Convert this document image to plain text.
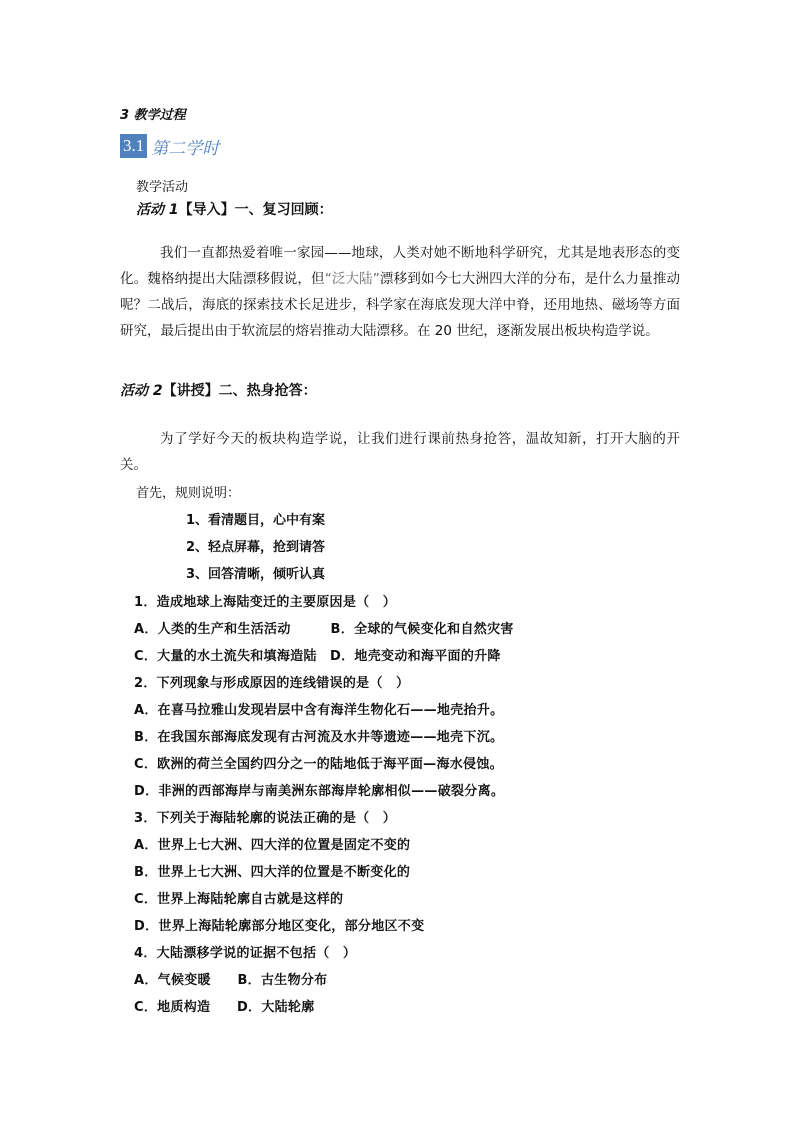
3 教学过程
3.1 第二学时
教学活动
活动 1【导入】一、复习回顾：
我们一直都热爱着唯一家园——地球，人类对她不断地科学研究，尤其是地表形态的变化。魏格纳提出大陆漂移假说，但“泛大陆”漂移到如今七大洲四大洋的分布，是什么力量推动呢？二战后，海底的探索技术长足进步，科学家在海底发现大洋中脊，还用地热、磁场等方面研究，最后提出由于软流层的熔岩推动大陆漂移。在 20 世纪，逐渐发展出板块构造学说。
活动 2【讲授】二、热身抢答：
为了学好今天的板块构造学说，让我们进行课前热身抢答，温故知新，打开大脑的开关。
首先，规则说明：
1、看清题目，心中有案
2、轻点屏幕，抢到请答
3、回答清晰，倾听认真
1．造成地球上海陆变迁的主要原因是（　）
A．人类的生产和生活活动　　　B．全球的气候变化和自然灾害
C．大量的水土流失和填海造陆　D．地壳变动和海平面的升降
2．下列现象与形成原因的连线错误的是（　）
A．在喜马拉雅山发现岩层中含有海洋生物化石——地壳抬升。
B．在我国东部海底发现有古河流及水井等遗迹——地壳下沉。
C．欧洲的荷兰全国约四分之一的陆地低于海平面—海水侵蚀。
D．非洲的西部海岸与南美洲东部海岸轮廓相似——破裂分离。
3．下列关于海陆轮廓的说法正确的是（　）
A．世界上七大洲、四大洋的位置是固定不变的
B．世界上七大洲、四大洋的位置是不断变化的
C．世界上海陆轮廓自古就是这样的
D．世界上海陆轮廓部分地区变化，部分地区不变
4．大陆漂移学说的证据不包括（　）
A．气候变暖　　B．古生物分布
C．地质构造　　D．大陆轮廓
